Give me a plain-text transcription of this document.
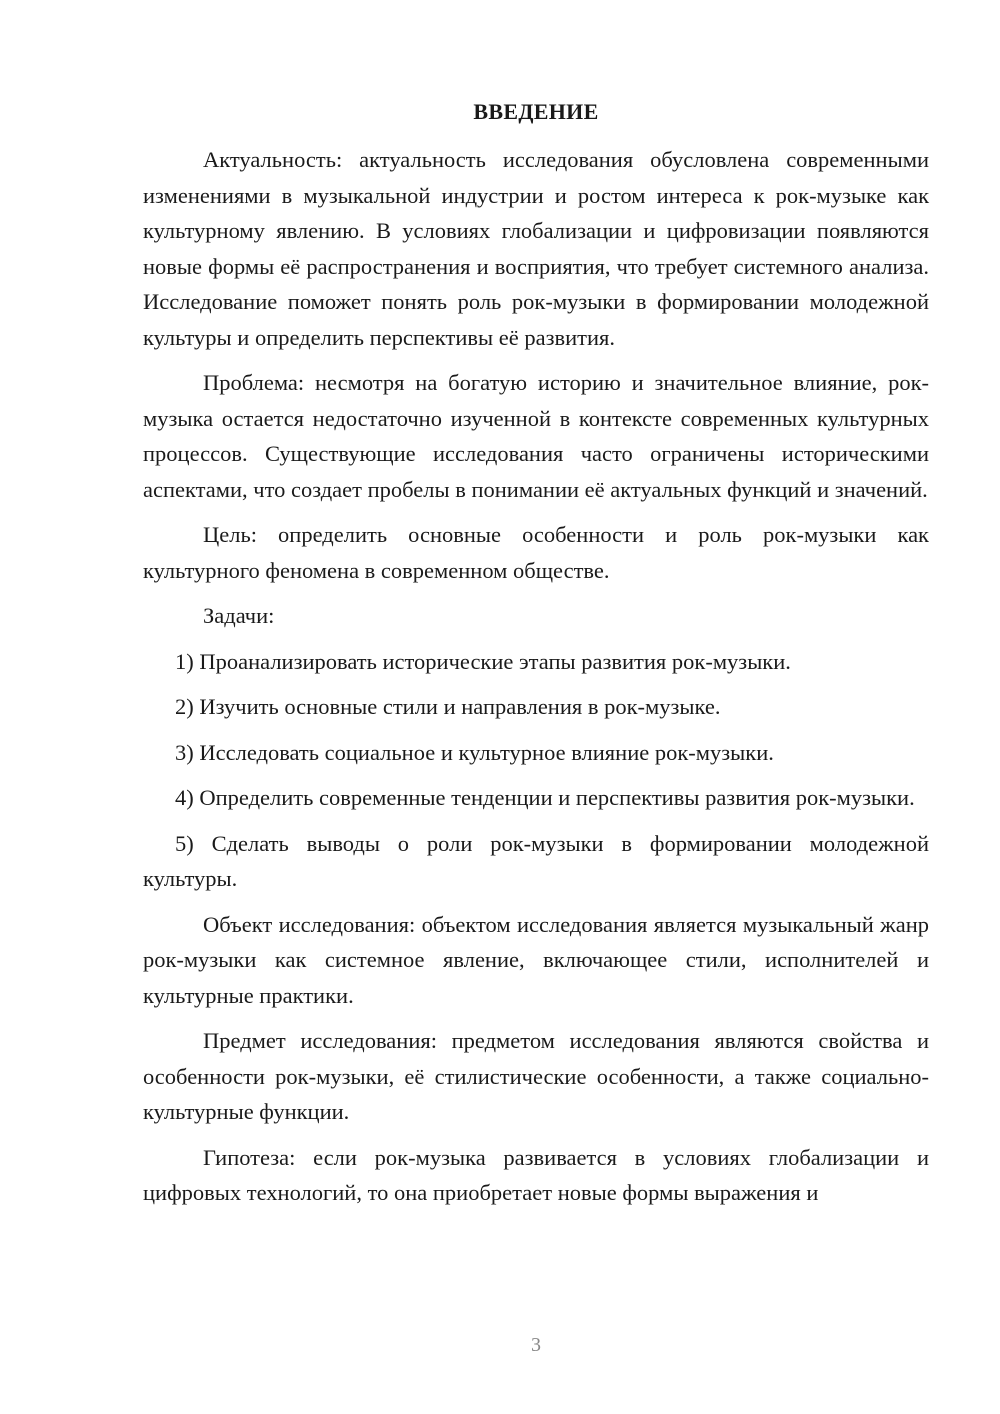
ВВЕДЕНИЕ

Актуальность: актуальность исследования обусловлена современными изменениями в музыкальной индустрии и ростом интереса к рок-музыке как культурному явлению. В условиях глобализации и цифровизации появляются новые формы её распространения и восприятия, что требует системного анализа. Исследование поможет понять роль рок-музыки в формировании молодежной культуры и определить перспективы её развития.

Проблема: несмотря на богатую историю и значительное влияние, рок-музыка остается недостаточно изученной в контексте современных культурных процессов. Существующие исследования часто ограничены историческими аспектами, что создает пробелы в понимании её актуальных функций и значений.

Цель: определить основные особенности и роль рок-музыки как культурного феномена в современном обществе.

Задачи:

1) Проанализировать исторические этапы развития рок-музыки.

2) Изучить основные стили и направления в рок-музыке.

3) Исследовать социальное и культурное влияние рок-музыки.

4) Определить современные тенденции и перспективы развития рок-музыки.

5) Сделать выводы о роли рок-музыки в формировании молодежной культуры.

Объект исследования: объектом исследования является музыкальный жанр рок-музыки как системное явление, включающее стили, исполнителей и культурные практики.

Предмет исследования: предметом исследования являются свойства и особенности рок-музыки, её стилистические особенности, а также социально-культурные функции.

Гипотеза: если рок-музыка развивается в условиях глобализации и цифровых технологий, то она приобретает новые формы выражения и

3
